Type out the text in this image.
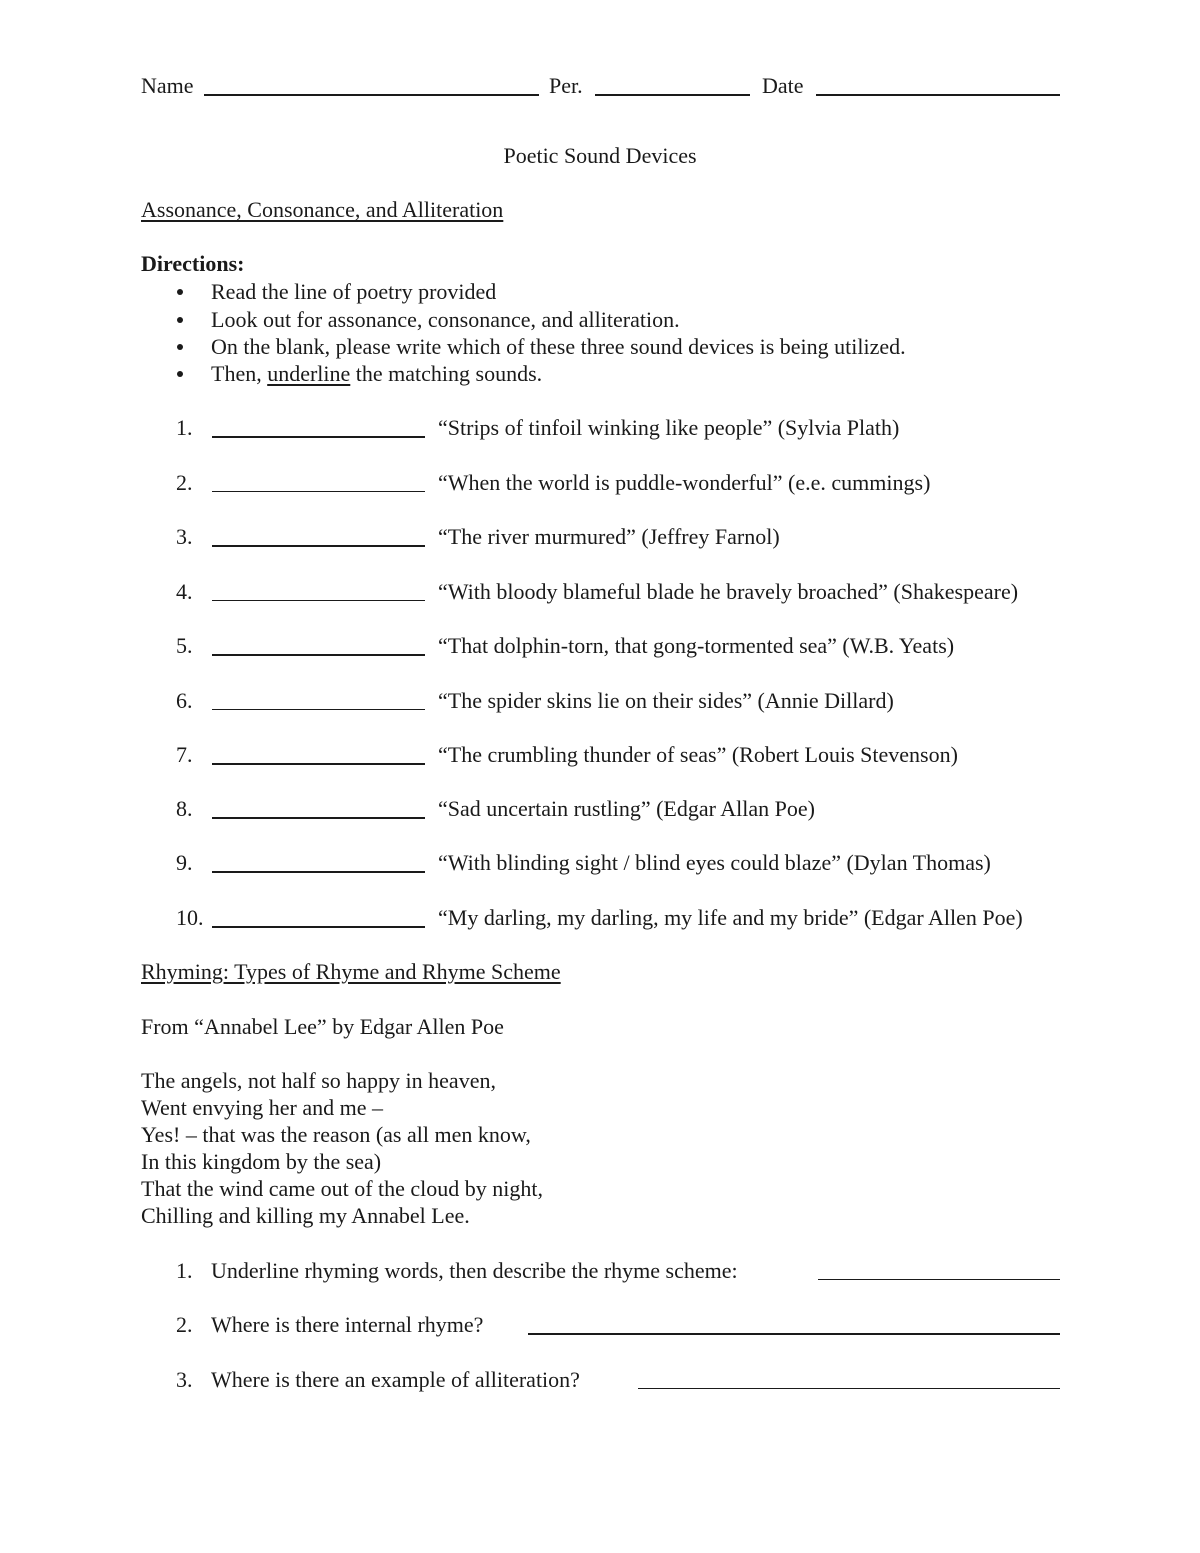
Name	Per.	Date
Poetic Sound Devices
Assonance, Consonance, and Alliteration
Directions:
Read the line of poetry provided
Look out for assonance, consonance, and alliteration.
On the blank, please write which of these three sound devices is being utilized.
Then, underline the matching sounds.
1.	“Strips of tinfoil winking like people” (Sylvia Plath)
2.	“When the world is puddle-wonderful” (e.e. cummings)
3.	“The river murmured” (Jeffrey Farnol)
4.	“With bloody blameful blade he bravely broached” (Shakespeare)
5.	“That dolphin-torn, that gong-tormented sea” (W.B. Yeats)
6.	“The spider skins lie on their sides” (Annie Dillard)
7.	“The crumbling thunder of seas” (Robert Louis Stevenson)
8.	“Sad uncertain rustling” (Edgar Allan Poe)
9.	“With blinding sight / blind eyes could blaze” (Dylan Thomas)
10.	“My darling, my darling, my life and my bride” (Edgar Allen Poe)
Rhyming: Types of Rhyme and Rhyme Scheme
From “Annabel Lee” by Edgar Allen Poe
The angels, not half so happy in heaven,
Went envying her and me –
Yes! – that was the reason (as all men know,
In this kingdom by the sea)
That the wind came out of the cloud by night,
Chilling and killing my Annabel Lee.
1. Underline rhyming words, then describe the rhyme scheme:
2. Where is there internal rhyme?
3. Where is there an example of alliteration?
